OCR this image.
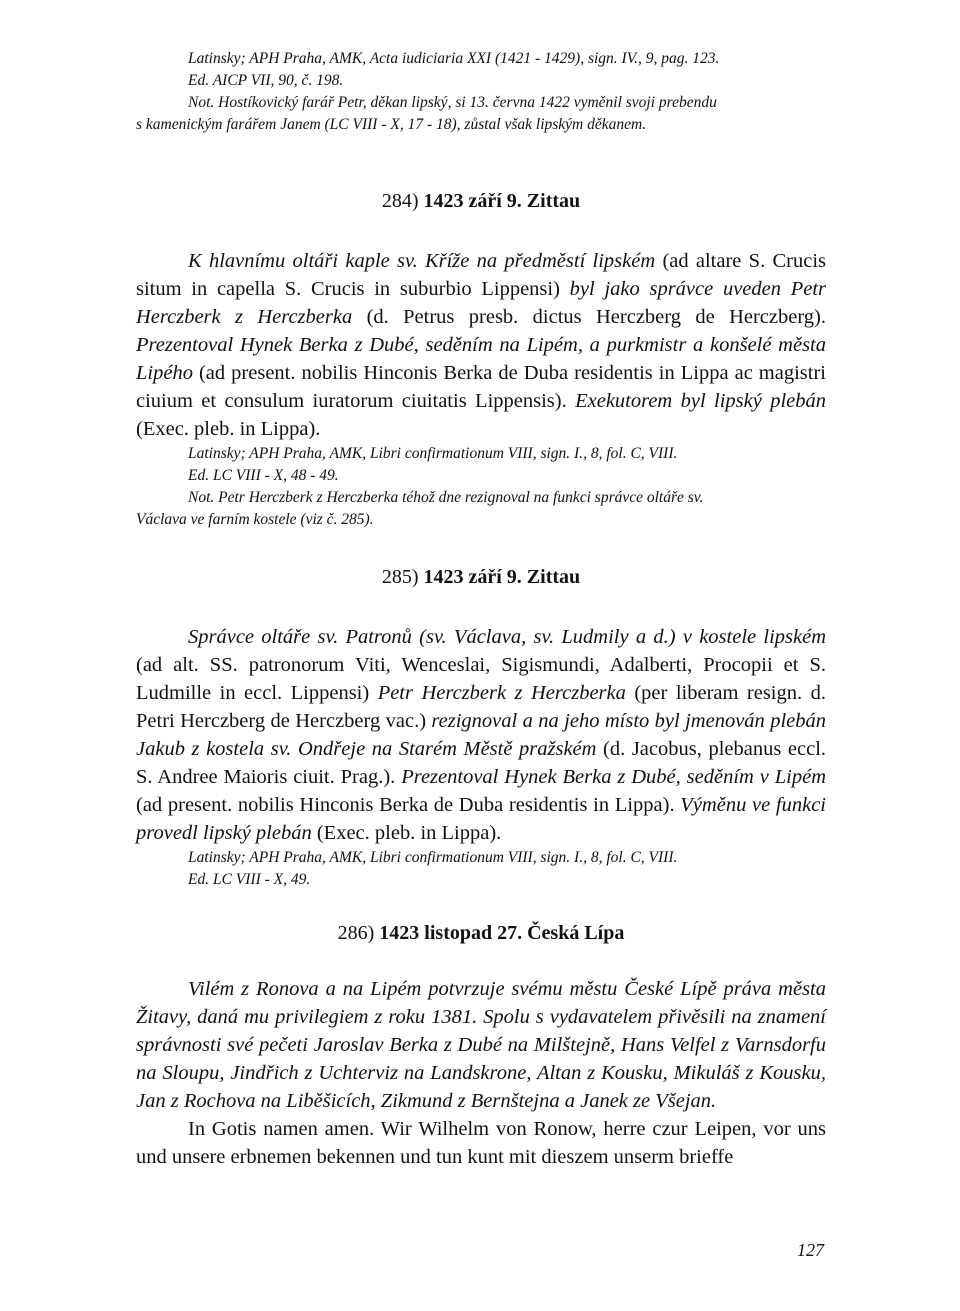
Latinsky; APH Praha, AMK, Acta iudiciaria XXI (1421 - 1429), sign. IV., 9, pag. 123.

Ed. AICP VII, 90, č. 198.

Not. Hostíkovický farář Petr, děkan lipský, si 13. června 1422 vyměnil svoji prebendu

s kamenickým farářem Janem (LC VIII - X, 17 - 18), zůstal však lipským děkanem.

284) 1423 září 9. Zittau

K hlavnímu oltáři kaple sv. Kříže na předměstí lipském (ad altare S. Crucis situm in capella S. Crucis in suburbio Lippensi) byl jako správce uveden Petr Herczberk z Herczberka (d. Petrus presb. dictus Herczberg de Herczberg). Prezentoval Hynek Berka z Dubé, seděním na Lipém, a purkmistr a konšelé města Lipého (ad present. nobilis Hinconis Berka de Duba residentis in Lippa ac magistri ciuium et consulum iuratorum ciuitatis Lippensis). Exekutorem byl lipský plebán (Exec. pleb. in Lippa).

Latinsky; APH Praha, AMK, Libri confirmationum VIII, sign. I., 8, fol. C, VIII.

Ed. LC VIII - X, 48 - 49.

Not. Petr Herczberk z Herczberka téhož dne rezignoval na funkci správce oltáře sv.

Václava ve farním kostele (viz č. 285).

285) 1423 září 9. Zittau

Správce oltáře sv. Patronů (sv. Václava, sv. Ludmily a d.) v kostele lipském (ad alt. SS. patronorum Viti, Wenceslai, Sigismundi, Adalberti, Procopii et S. Ludmille in eccl. Lippensi) Petr Herczberk z Herczberka (per liberam resign. d. Petri Herczberg de Herczberg vac.) rezignoval a na jeho místo byl jmenován plebán Jakub z kostela sv. Ondřeje na Starém Městě pražském (d. Jacobus, plebanus eccl. S. Andree Maioris ciuit. Prag.). Prezentoval Hynek Berka z Dubé, seděním v Lipém (ad present. nobilis Hinconis Berka de Duba residentis in Lippa). Výměnu ve funkci provedl lipský plebán (Exec. pleb. in Lippa).

Latinsky; APH Praha, AMK, Libri confirmationum VIII, sign. I., 8, fol. C, VIII.

Ed. LC VIII - X, 49.

286) 1423 listopad 27. Česká Lípa

Vilém z Ronova a na Lipém potvrzuje svému městu České Lípě práva města Žitavy, daná mu privilegiem z roku 1381. Spolu s vydavatelem přivěsili na znamení správnosti své pečeti Jaroslav Berka z Dubé na Milštejně, Hans Velfel z Varnsdorfu na Sloupu, Jindřich z Uchterviz na Landskrone, Altan z Kousku, Mikuláš z Kousku, Jan z Rochova na Liběšicích, Zikmund z Bernštejna a Janek ze Všejan.

In Gotis namen amen. Wir Wilhelm von Ronow, herre czur Leipen, vor uns und unsere erbnemen bekennen und tun kunt mit dieszem unserm brieffe

127
